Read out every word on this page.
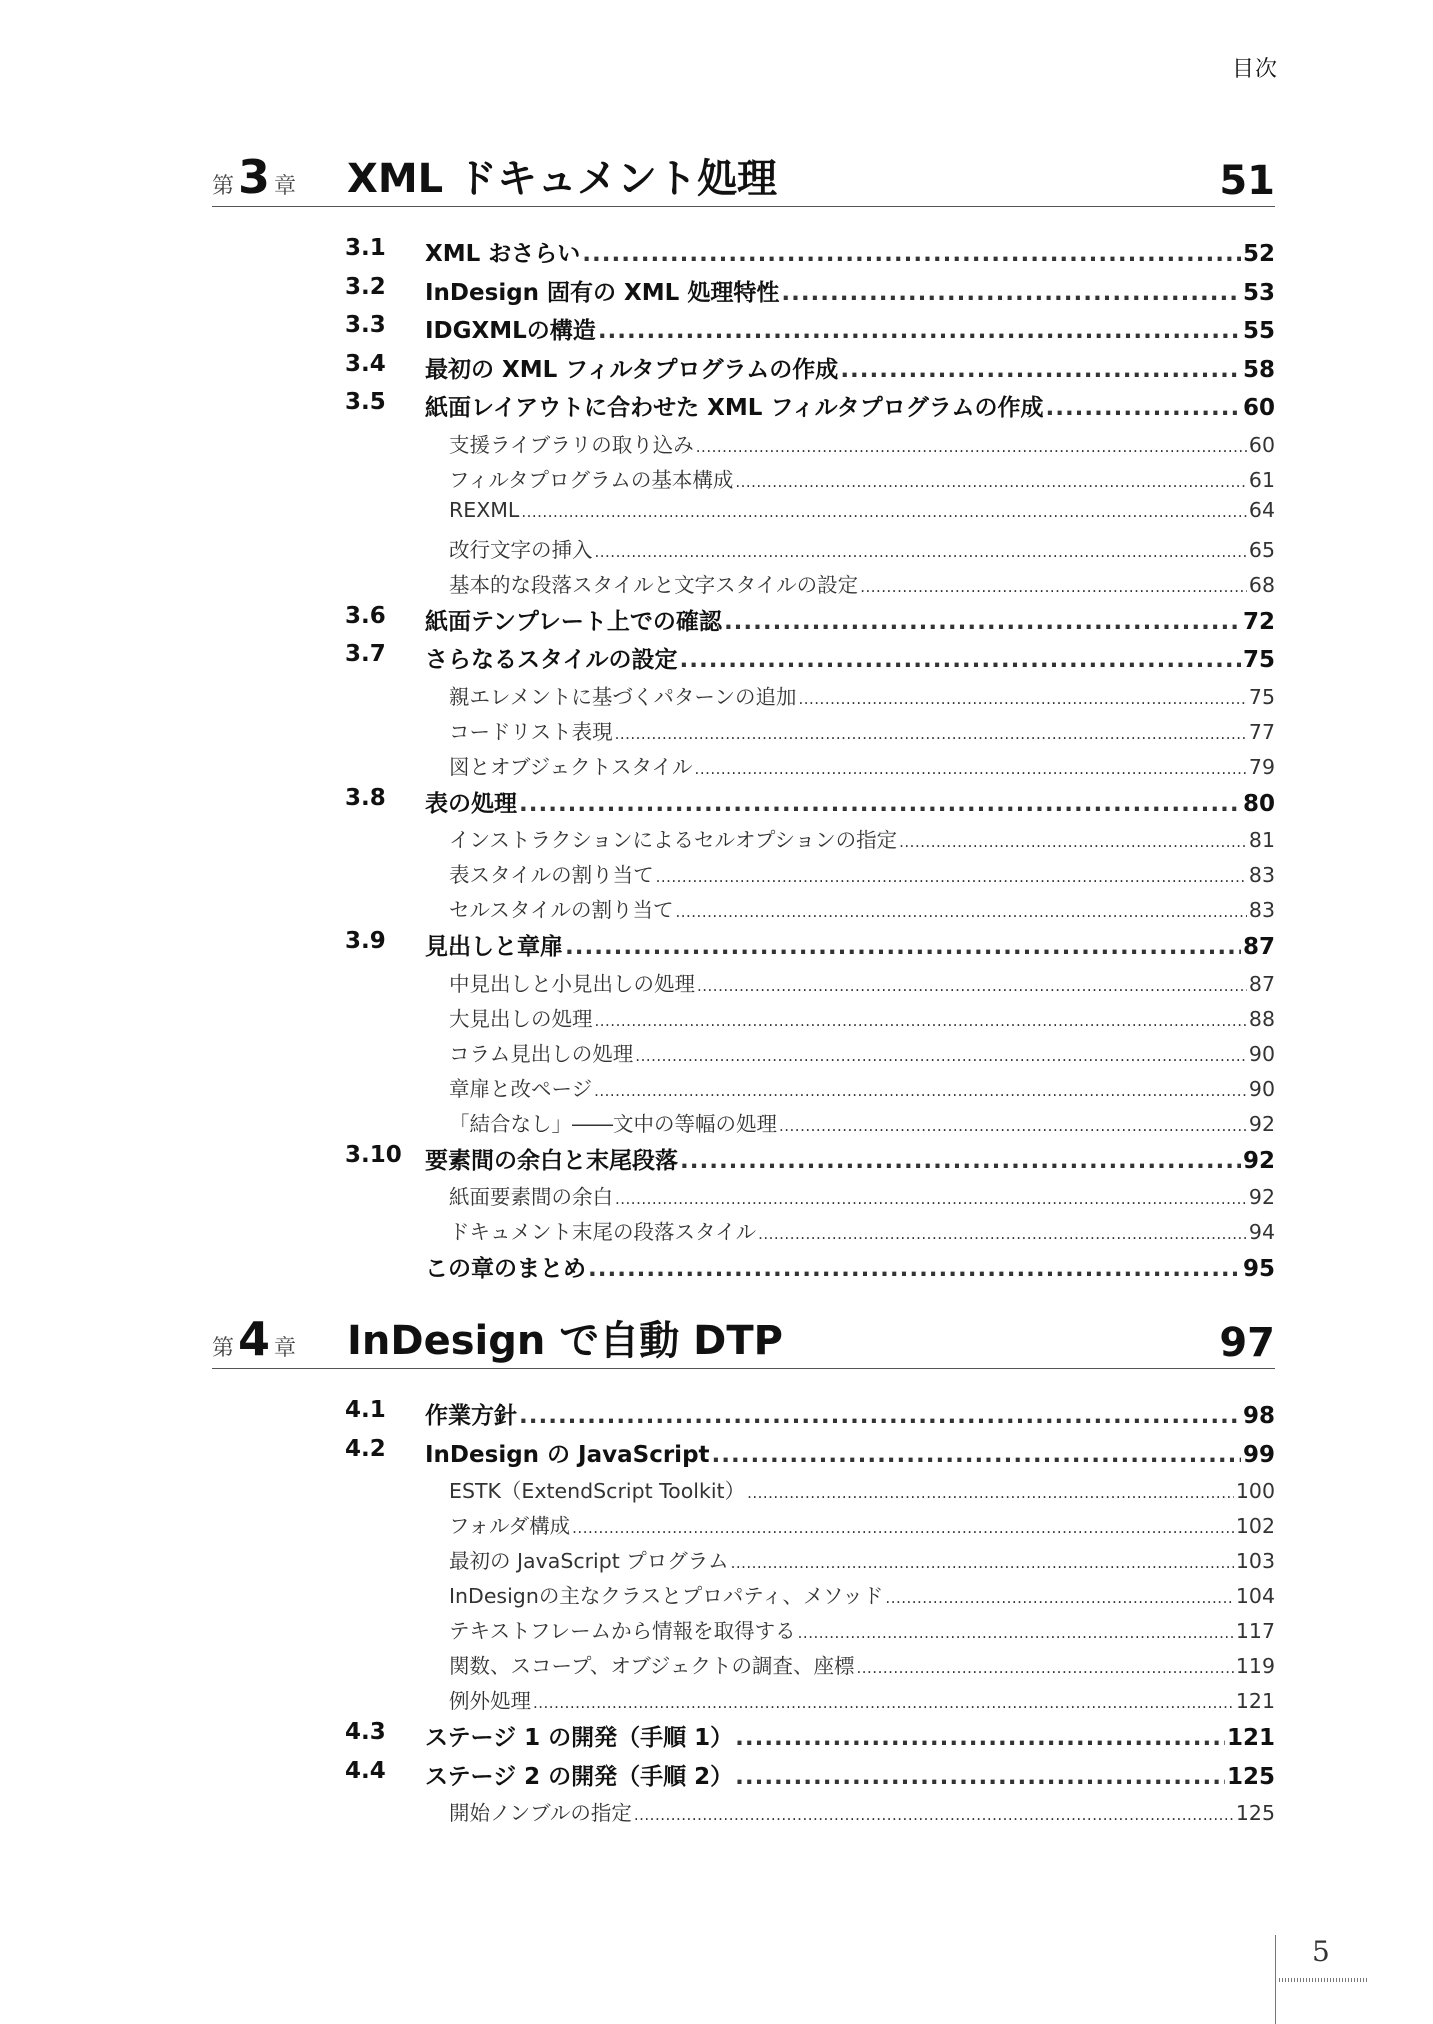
目次
第3 章 XML ドキュメント処理	51
3.1 XML おさらい .....	52
3.2 InDesign 固有の XML 処理特性 .....	53
3.3 IDGXMLの構造 .....	55
3.4 最初の XML フィルタプログラムの作成 .....	58
3.5 紙面レイアウトに合わせた XML フィルタプログラムの作成 .....	60
支援ライブラリの取り込み .....	60
フィルタプログラムの基本構成 .....	61
REXML .....	64
改行文字の挿入 .....	65
基本的な段落スタイルと文字スタイルの設定 .....	68
3.6 紙面テンプレート上での確認 .....	72
3.7 さらなるスタイルの設定 .....	75
親エレメントに基づくパターンの追加 .....	75
コードリスト表現 .....	77
図とオブジェクトスタイル .....	79
3.8 表の処理 .....	80
インストラクションによるセルオプションの指定 .....	81
表スタイルの割り当て .....	83
セルスタイルの割り当て .....	83
3.9 見出しと章扉 .....	87
中見出しと小見出しの処理 .....	87
大見出しの処理 .....	88
コラム見出しの処理 .....	90
章扉と改ページ .....	90
「結合なし」――文中の等幅の処理 .....	92
3.10 要素間の余白と末尾段落 .....	92
紙面要素間の余白 .....	92
ドキュメント末尾の段落スタイル .....	94
この章のまとめ .....	95
第4 章 InDesign で自動 DTP	97
4.1 作業方針 .....	98
4.2 InDesign の JavaScript .....	99
ESTK（ExtendScript Toolkit） .....	100
フォルダ構成 .....	102
最初の JavaScript プログラム .....	103
InDesignの主なクラスとプロパティ、メソッド .....	104
テキストフレームから情報を取得する .....	117
関数、スコープ、オブジェクトの調査、座標 .....	119
例外処理 .....	121
4.3 ステージ 1 の開発（手順 1） .....	121
4.4 ステージ 2 の開発（手順 2） .....	125
開始ノンブルの指定 .....	125
5
